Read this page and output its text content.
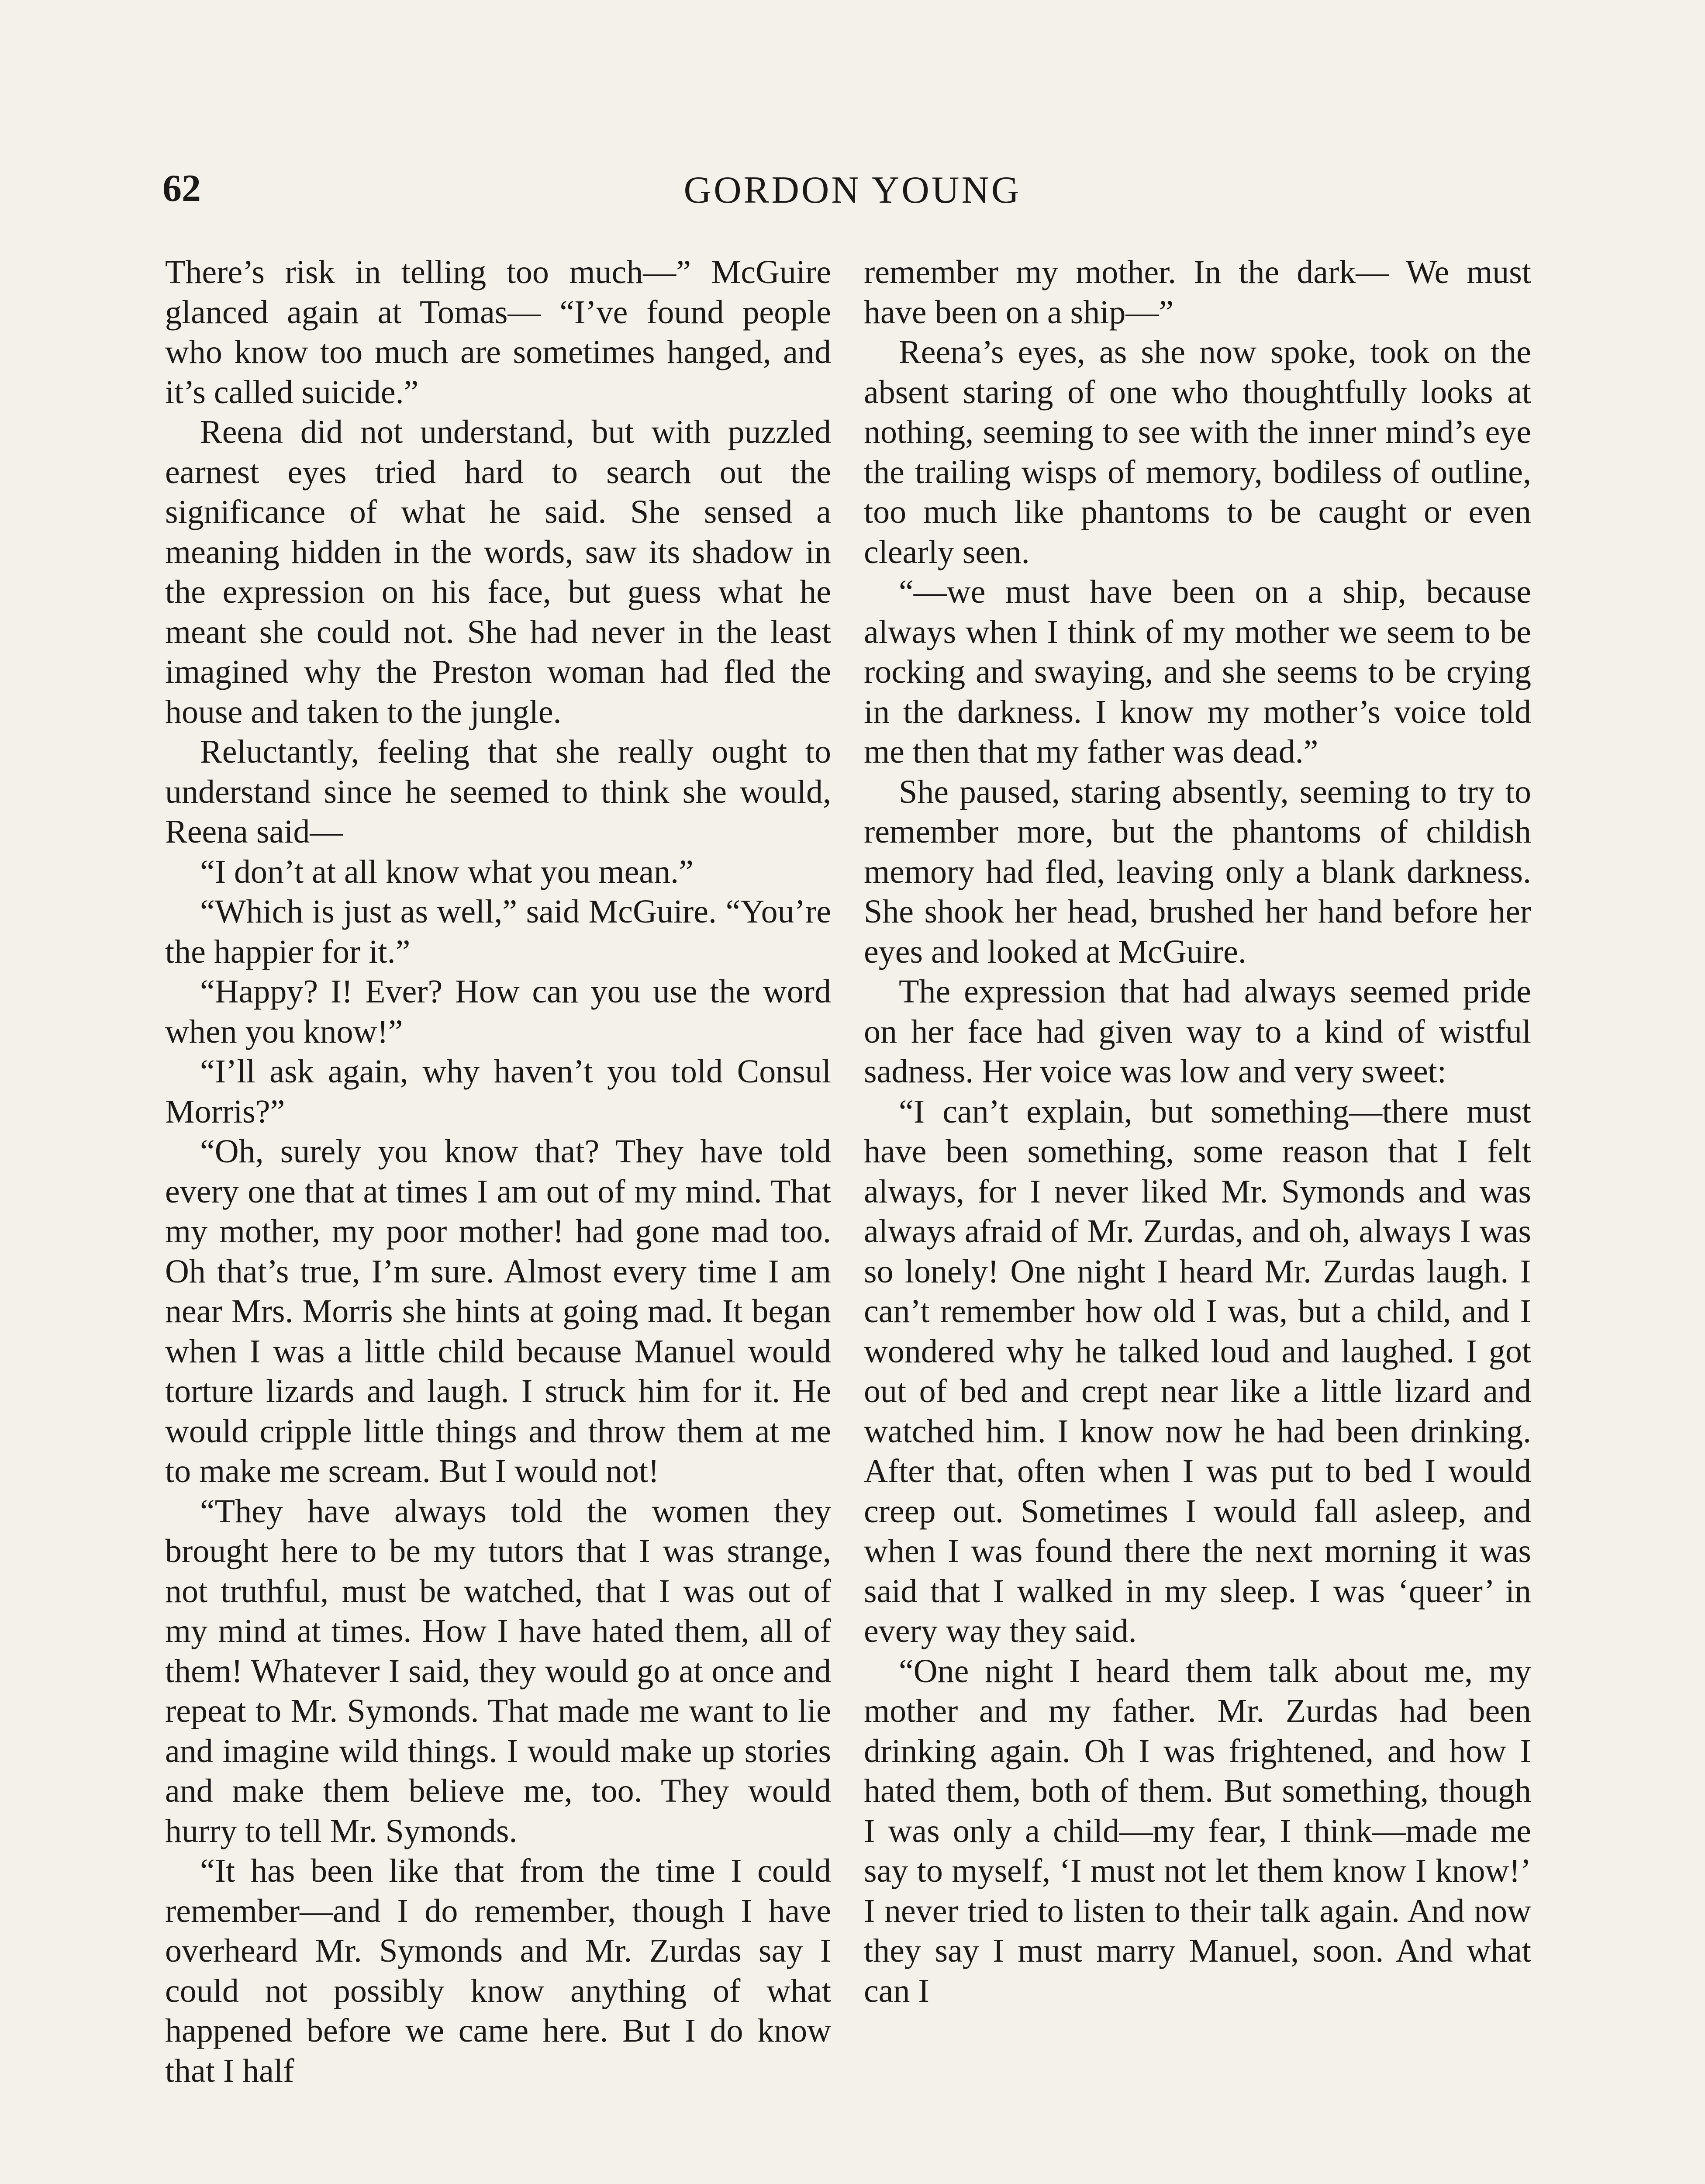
62	GORDON YOUNG

There’s risk in telling too much—” McGuire glanced again at Tomas— “I’ve found people who know too much are sometimes hanged, and it’s called suicide.”

Reena did not understand, but with puzzled earnest eyes tried hard to search out the significance of what he said. She sensed a meaning hidden in the words, saw its shadow in the expression on his face, but guess what he meant she could not. She had never in the least imagined why the Preston woman had fled the house and taken to the jungle.

Reluctantly, feeling that she really ought to understand since he seemed to think she would, Reena said—

“I don’t at all know what you mean.”

“Which is just as well,” said McGuire. “You’re the happier for it.”

“Happy? I! Ever? How can you use the word when you know!”

“I’ll ask again, why haven’t you told Consul Morris?”

“Oh, surely you know that? They have told every one that at times I am out of my mind. That my mother, my poor mother! had gone mad too. Oh that’s true, I’m sure. Almost every time I am near Mrs. Morris she hints at going mad. It began when I was a little child because Manuel would torture lizards and laugh. I struck him for it. He would cripple little things and throw them at me to make me scream. But I would not!

“They have always told the women they brought here to be my tutors that I was strange, not truthful, must be watched, that I was out of my mind at times. How I have hated them, all of them! Whatever I said, they would go at once and repeat to Mr. Symonds. That made me want to lie and imagine wild things. I would make up stories and make them believe me, too. They would hurry to tell Mr. Symonds.

“It has been like that from the time I could remember—and I do remember, though I have overheard Mr. Symonds and Mr. Zurdas say I could not possibly know anything of what happened before we came here. But I do know that I half

remember my mother. In the dark— We must have been on a ship—”

Reena’s eyes, as she now spoke, took on the absent staring of one who thoughtfully looks at nothing, seeming to see with the inner mind’s eye the trailing wisps of memory, bodiless of outline, too much like phantoms to be caught or even clearly seen.

“—we must have been on a ship, because always when I think of my mother we seem to be rocking and swaying, and she seems to be crying in the darkness. I know my mother’s voice told me then that my father was dead.”

She paused, staring absently, seeming to try to remember more, but the phantoms of childish memory had fled, leaving only a blank darkness. She shook her head, brushed her hand before her eyes and looked at McGuire.

The expression that had always seemed pride on her face had given way to a kind of wistful sadness. Her voice was low and very sweet:

“I can’t explain, but something—there must have been something, some reason that I felt always, for I never liked Mr. Symonds and was always afraid of Mr. Zurdas, and oh, always I was so lonely! One night I heard Mr. Zurdas laugh. I can’t remember how old I was, but a child, and I wondered why he talked loud and laughed. I got out of bed and crept near like a little lizard and watched him. I know now he had been drinking. After that, often when I was put to bed I would creep out. Sometimes I would fall asleep, and when I was found there the next morning it was said that I walked in my sleep. I was ‘queer’ in every way they said.

“One night I heard them talk about me, my mother and my father. Mr. Zurdas had been drinking again. Oh I was frightened, and how I hated them, both of them. But something, though I was only a child—my fear, I think—made me say to myself, ‘I must not let them know I know!’ I never tried to listen to their talk again. And now they say I must marry Manuel, soon. And what can I
